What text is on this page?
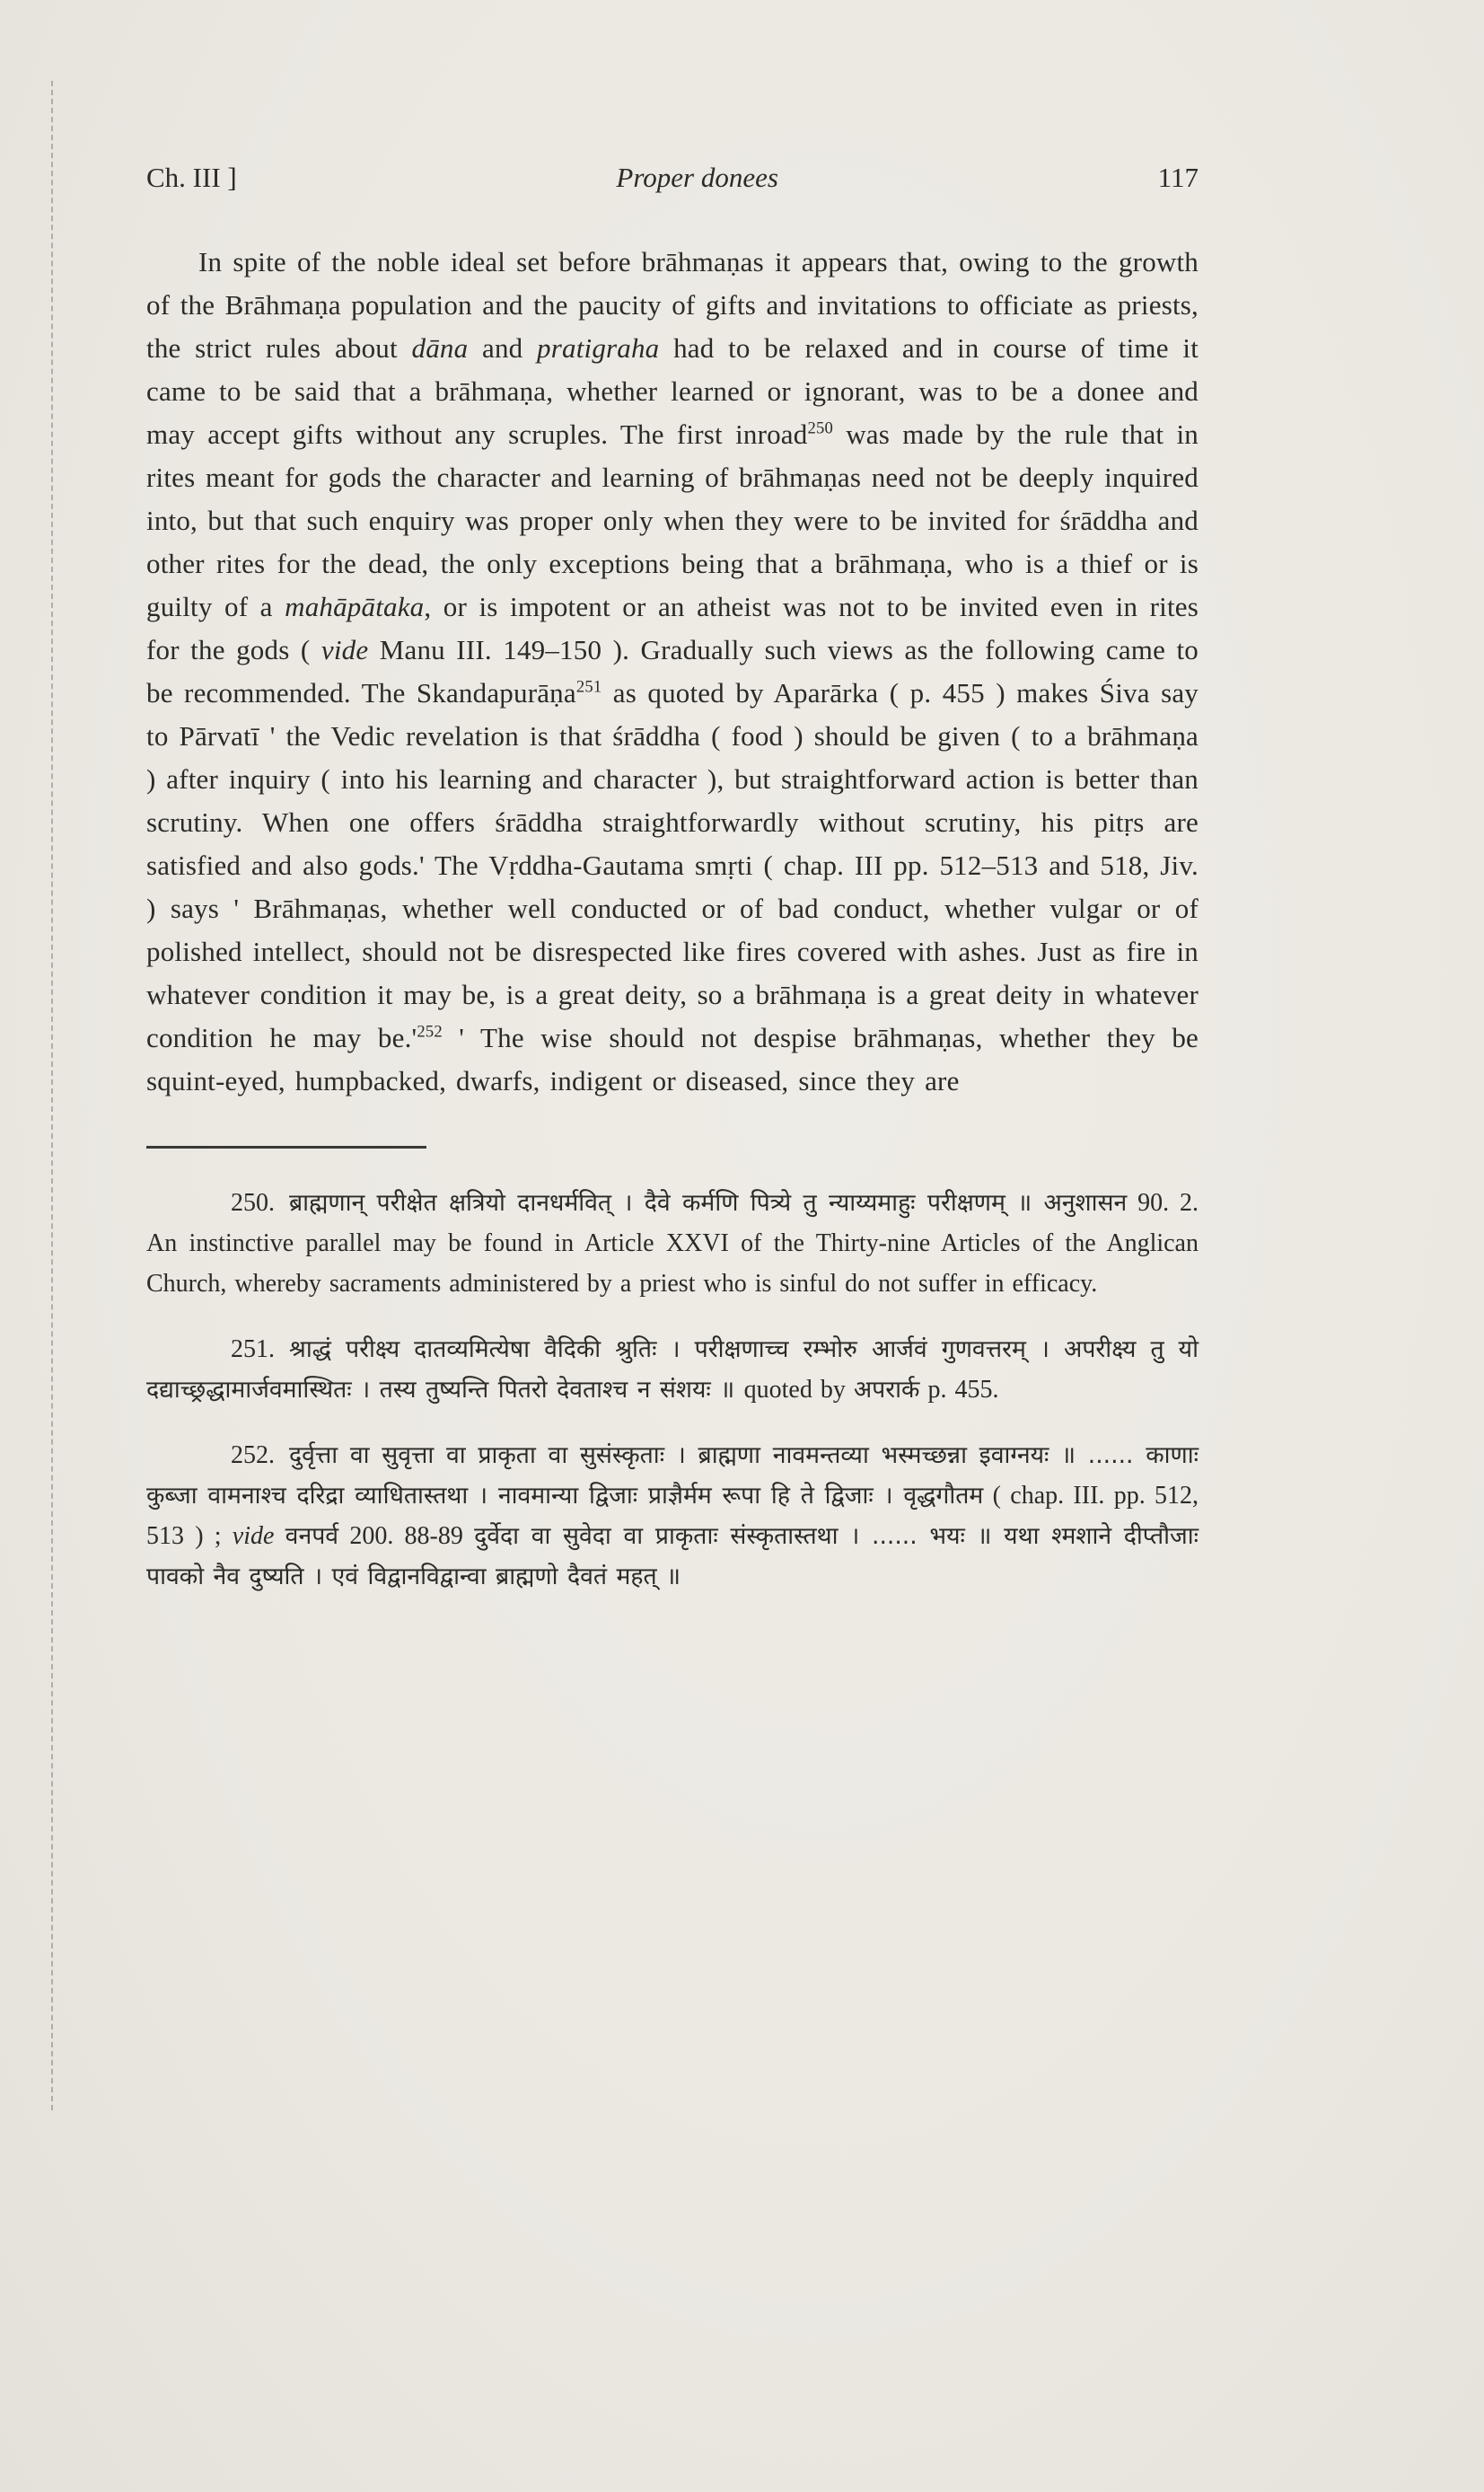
Ch. III ]	Proper donees	117

In spite of the noble ideal set before brāhmaṇas it appears that, owing to the growth of the Brāhmaṇa population and the paucity of gifts and invitations to officiate as priests, the strict rules about dāna and pratigraha had to be relaxed and in course of time it came to be said that a brāhmaṇa, whether learned or ignorant, was to be a donee and may accept gifts without any scruples. The first inroad$^{250}$ was made by the rule that in rites meant for gods the character and learning of brāhmaṇas need not be deeply inquired into, but that such enquiry was proper only when they were to be invited for śrāddha and other rites for the dead, the only exceptions being that a brāhmaṇa, who is a thief or is guilty of a mahāpātaka, or is impotent or an atheist was not to be invited even in rites for the gods ( vide Manu III. 149–150 ). Gradually such views as the following came to be recommended. The Skandapurāṇa$^{251}$ as quoted by Aparārka ( p. 455 ) makes Śiva say to Pārvatī ' the Vedic revelation is that śrāddha ( food ) should be given ( to a brāhmaṇa ) after inquiry ( into his learning and character ), but straightforward action is better than scrutiny. When one offers śrāddha straightforwardly without scrutiny, his pitṛs are satisfied and also gods.' The Vṛddha-Gautama smṛti ( chap. III pp. 512–513 and 518, Jiv. ) says ' Brāhmaṇas, whether well conducted or of bad conduct, whether vulgar or of polished intellect, should not be disrespected like fires covered with ashes. Just as fire in whatever condition it may be, is a great deity, so a brāhmaṇa is a great deity in whatever condition he may $be.'^{252}$ ' The wise should not despise brāhmaṇas, whether they be squint-eyed, humpbacked, dwarfs, indigent or diseased, since they are

250. ब्राह्मणान् परीक्षेत क्षत्रियो दानधर्मवित् । दैवे कर्मणि पित्र्ये तु न्याय्यमाहुः परीक्षणम् ॥ अनुशासन 90. 2. An instinctive parallel may be found in Article XXVI of the Thirty-nine Articles of the Anglican Church, whereby sacraments administered by a priest who is sinful do not suffer in efficacy.

251. श्राद्धं परीक्ष्य दातव्यमित्येषा वैदिकी श्रुतिः । परीक्षणाच्च रम्भोरु आर्जवं गुणवत्तरम् । अपरीक्ष्य तु यो दद्याच्छ्रद्धामार्जवमास्थितः । तस्य तुष्यन्ति पितरो देवताश्च न संशयः ॥ quoted by अपरार्क p. 455.

252. दुर्वृत्ता वा सुवृत्ता वा प्राकृता वा सुसंस्कृताः । ब्राह्मणा नावमन्तव्या भस्मच्छन्ना इवाग्नयः ॥ ...... काणाः कुब्जा वामनाश्च दरिद्रा व्याधितास्तथा । नावमान्या द्विजाः प्राज्ञैर्मम रूपा हि ते द्विजाः । वृद्धगौतम ( chap. III. pp. 512, 513 ) ; vide वनपर्व 200. 88-89 दुर्वेदा वा सुवेदा वा प्राकृताः संस्कृतास्तथा । ...... भयः ॥ यथा श्मशाने दीप्तौजाः पावको नैव दुष्यति । एवं विद्वानविद्वान्वा ब्राह्मणो दैवतं महत् ॥
